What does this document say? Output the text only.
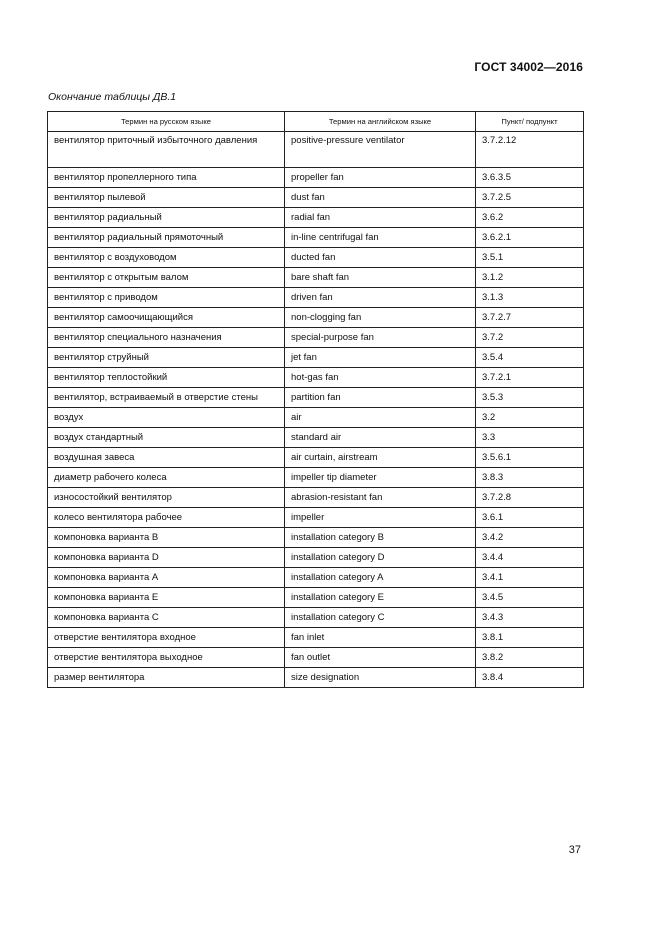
ГОСТ 34002—2016
Окончание таблицы ДВ.1
Термин на русском языке	Термин на английском языке	Пункт/ подпункт
вентилятор приточный избыточного давления	positive-pressure ventilator	3.7.2.12
вентилятор пропеллерного типа	propeller fan	3.6.3.5
вентилятор пылевой	dust fan	3.7.2.5
вентилятор радиальный	radial fan	3.6.2
вентилятор радиальный прямоточный	in-line centrifugal fan	3.6.2.1
вентилятор с воздуховодом	ducted fan	3.5.1
вентилятор с открытым валом	bare shaft fan	3.1.2
вентилятор с приводом	driven fan	3.1.3
вентилятор самоочищающийся	non-clogging fan	3.7.2.7
вентилятор специального назначения	special-purpose fan	3.7.2
вентилятор струйный	jet fan	3.5.4
вентилятор теплостойкий	hot-gas fan	3.7.2.1
вентилятор, встраиваемый в отверстие стены	partition fan	3.5.3
воздух	air	3.2
воздух стандартный	standard air	3.3
воздушная завеса	air curtain, airstream	3.5.6.1
диаметр рабочего колеса	impeller tip diameter	3.8.3
износостойкий вентилятор	abrasion-resistant fan	3.7.2.8
колесо вентилятора рабочее	impeller	3.6.1
компоновка варианта В	installation category B	3.4.2
компоновка варианта D	installation category D	3.4.4
компоновка варианта А	installation category A	3.4.1
компоновка варианта Е	installation category E	3.4.5
компоновка варианта С	installation category C	3.4.3
отверстие вентилятора входное	fan inlet	3.8.1
отверстие вентилятора выходное	fan outlet	3.8.2
размер вентилятора	size designation	3.8.4
37
